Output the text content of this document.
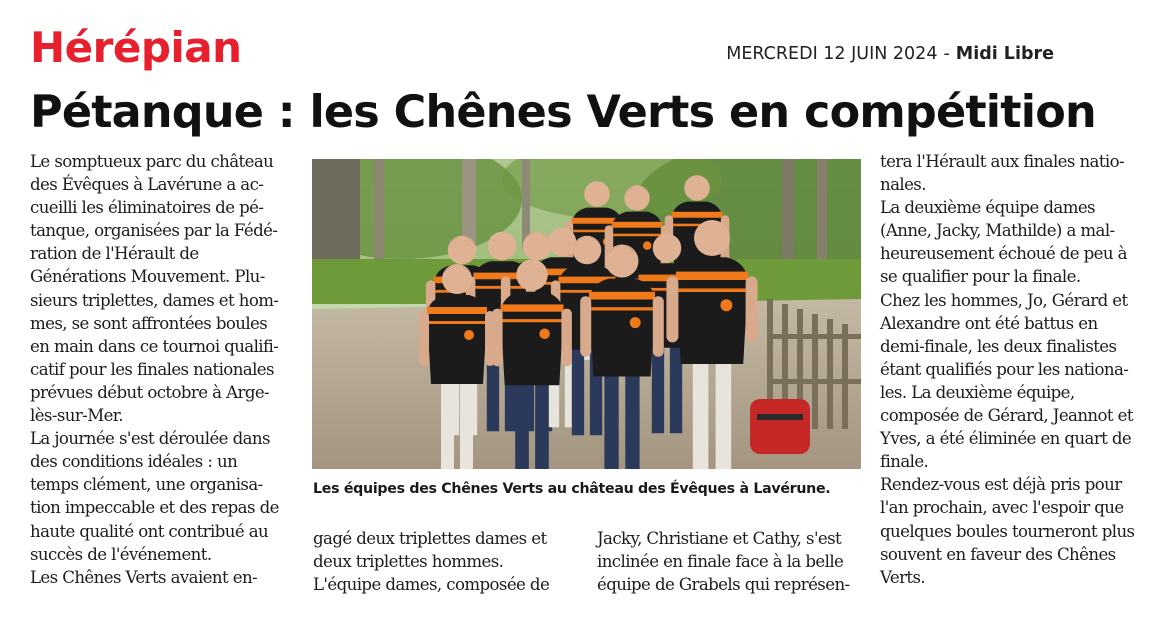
Hérépian	MERCREDI 12 JUIN 2024 - Midi Libre
Pétanque : les Chênes Verts en compétition
Le somptueux parc du château
des Évêques à Lavérune a ac-
cueilli les éliminatoires de pé-
tanque, organisées par la Fédé-
ration de l'Hérault de
Générations Mouvement. Plu-
sieurs triplettes, dames et hom-
mes, se sont affrontées boules
en main dans ce tournoi qualifi-
catif pour les finales nationales
prévues début octobre à Arge-
lès-sur-Mer.
La journée s'est déroulée dans
des conditions idéales : un
temps clément, une organisa-
tion impeccable et des repas de
haute qualité ont contribué au
succès de l'événement.
Les Chênes Verts avaient en-
Les équipes des Chênes Verts au château des Évêques à Lavérune.
gagé deux triplettes dames et
deux triplettes hommes.
L'équipe dames, composée de
Jacky, Christiane et Cathy, s'est
inclinée en finale face à la belle
équipe de Grabels qui représen-
tera l'Hérault aux finales natio-
nales.
La deuxième équipe dames
(Anne, Jacky, Mathilde) a mal-
heureusement échoué de peu à
se qualifier pour la finale.
Chez les hommes, Jo, Gérard et
Alexandre ont été battus en
demi-finale, les deux finalistes
étant qualifiés pour les nationa-
les. La deuxième équipe,
composée de Gérard, Jeannot et
Yves, a été éliminée en quart de
finale.
Rendez-vous est déjà pris pour
l'an prochain, avec l'espoir que
quelques boules tourneront plus
souvent en faveur des Chênes
Verts.
